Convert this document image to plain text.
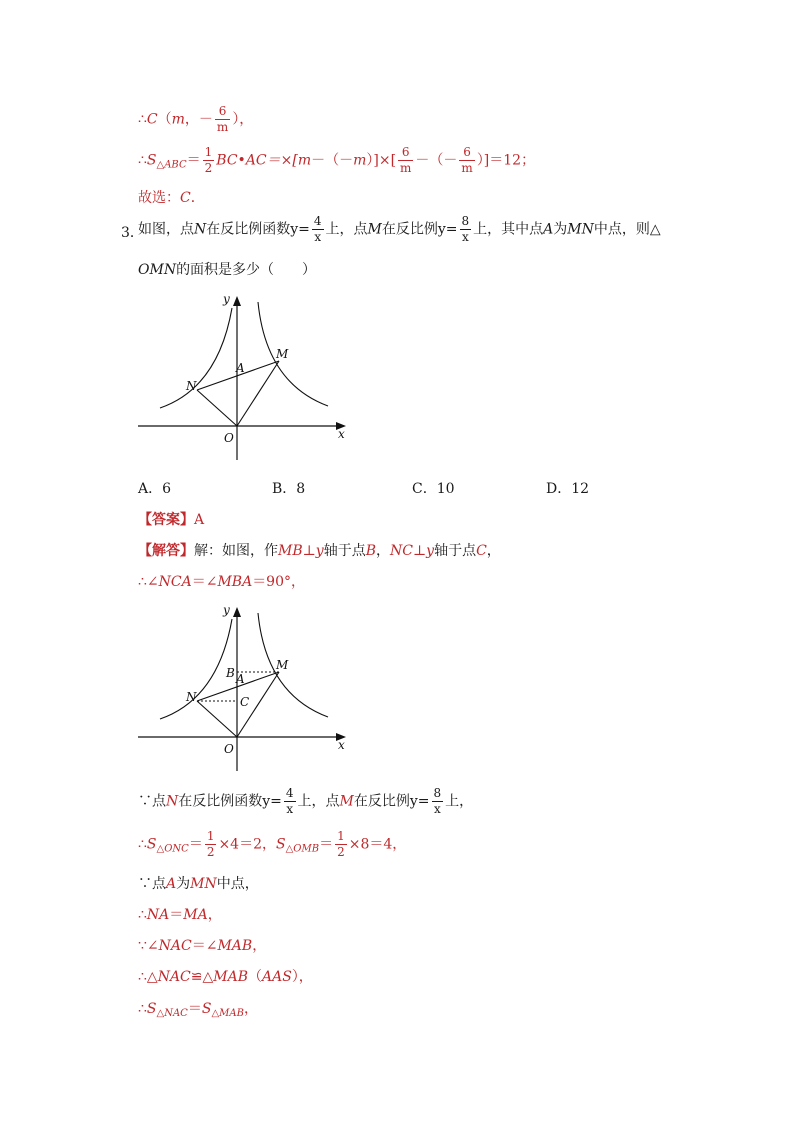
∴C（m，－ $\frac{6}{m}$ ），
$\therefore S_{\triangle ABC}= \frac{1}{2}$ BC•AC＝×[m－（－m）]×[ $\frac{6}{m}$ －（－ $\frac{6}{m} )]=12$；
故选：C．
3．
如图，点N在反比例函数$y= \frac{4}{x}$ 上，点M在反比例$y= \frac{8}{x}$ 上，其中点A为MN中点，则△
OMN的面积是多少（　　）
y
x
O
A
M
N
A．6	B．8	C．10	D．12
【答案】A
【解答】解：如图，作MB⊥y轴于点B，NC⊥y轴于点C，
∴∠NCA＝∠MBA＝90°，
y
x
O
A
B
C
M
N
∵点N在反比例函数$y= \frac{4}{x}$ 上，点M在反比例$y= \frac{8}{x}$ 上，
$\therefore S_{\triangle ONC}= \frac{1}{2} \times 4=2$，$S_{\triangle OMB}= \frac{1}{2} \times 8=4$，
∵点A为MN中点，
∴NA＝MA，
∵∠NAC＝∠MAB，
∴△NAC≌△MAB（AAS），
$\therefore S_{\triangle NAC}=S_{\triangle MAB}$，
